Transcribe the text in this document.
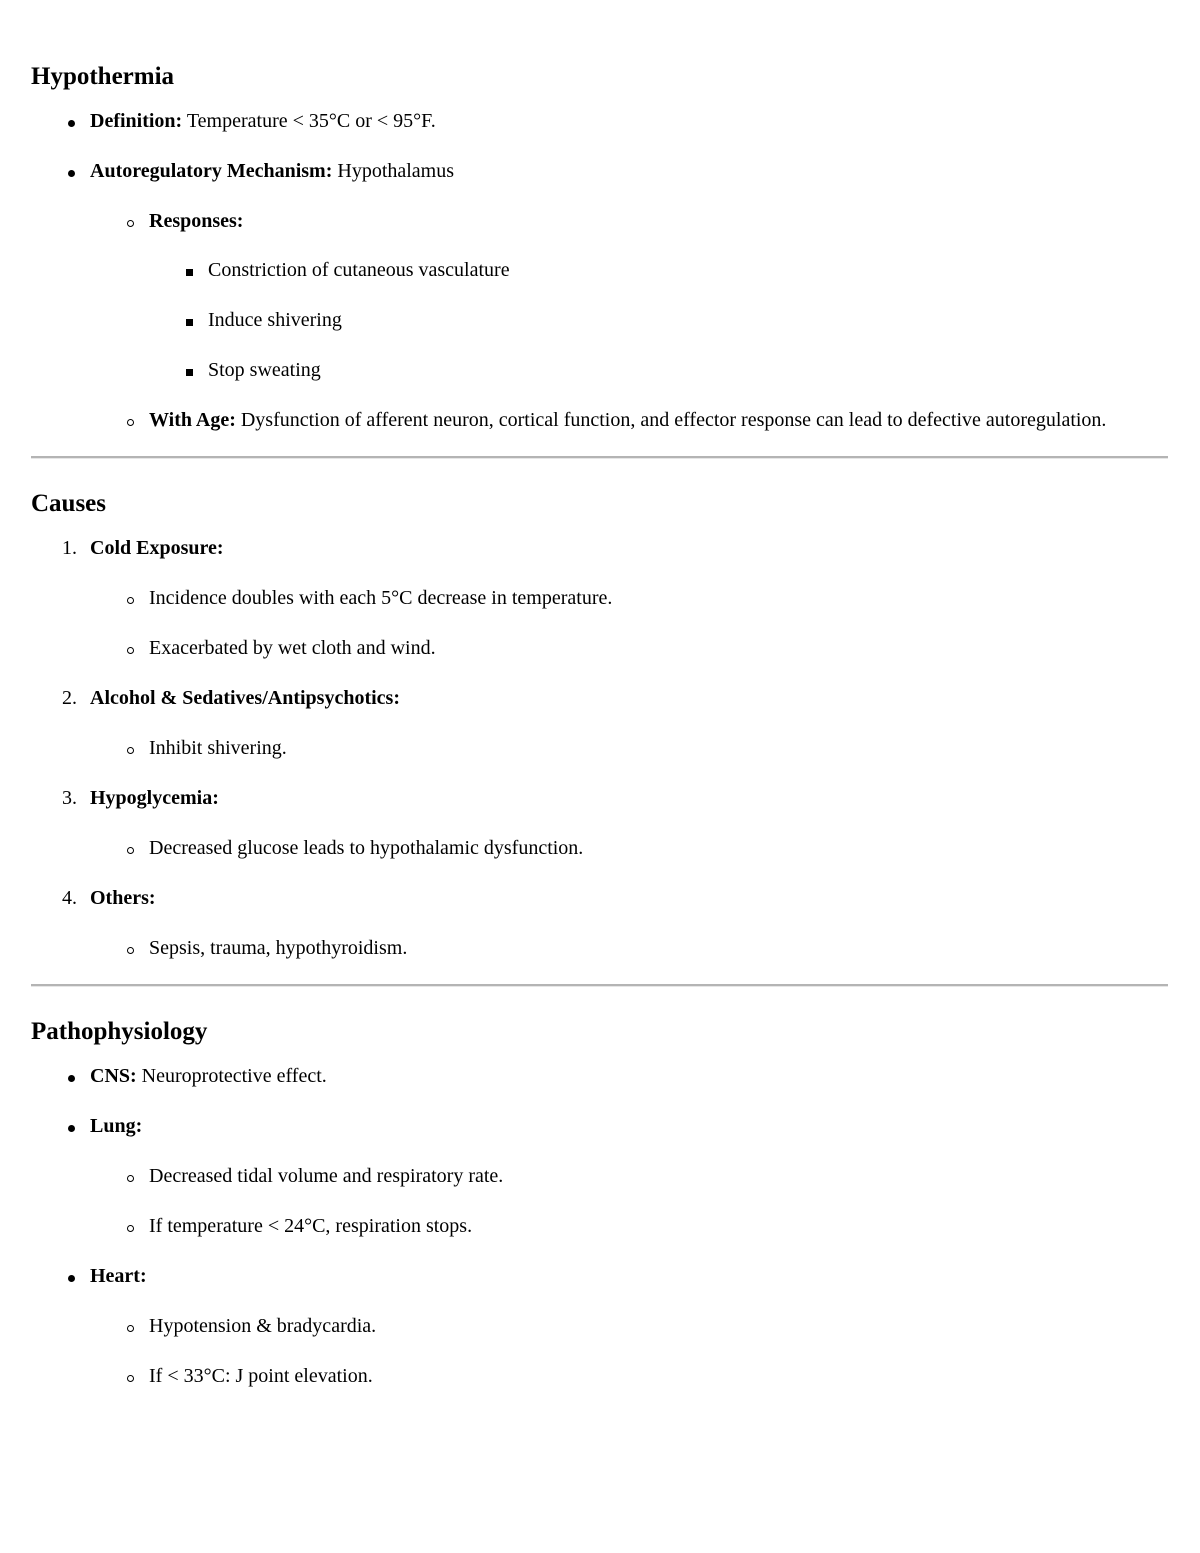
Hypothermia
Definition: Temperature < 35°C or < 95°F.
Autoregulatory Mechanism: Hypothalamus
Responses:
Constriction of cutaneous vasculature
Induce shivering
Stop sweating
With Age: Dysfunction of afferent neuron, cortical function, and effector response can lead to defective autoregulation.
Causes
1. Cold Exposure:
Incidence doubles with each 5°C decrease in temperature.
Exacerbated by wet cloth and wind.
2. Alcohol & Sedatives/Antipsychotics:
Inhibit shivering.
3. Hypoglycemia:
Decreased glucose leads to hypothalamic dysfunction.
4. Others:
Sepsis, trauma, hypothyroidism.
Pathophysiology
CNS: Neuroprotective effect.
Lung:
Decreased tidal volume and respiratory rate.
If temperature < 24°C, respiration stops.
Heart:
Hypotension & bradycardia.
If < 33°C: J point elevation.
